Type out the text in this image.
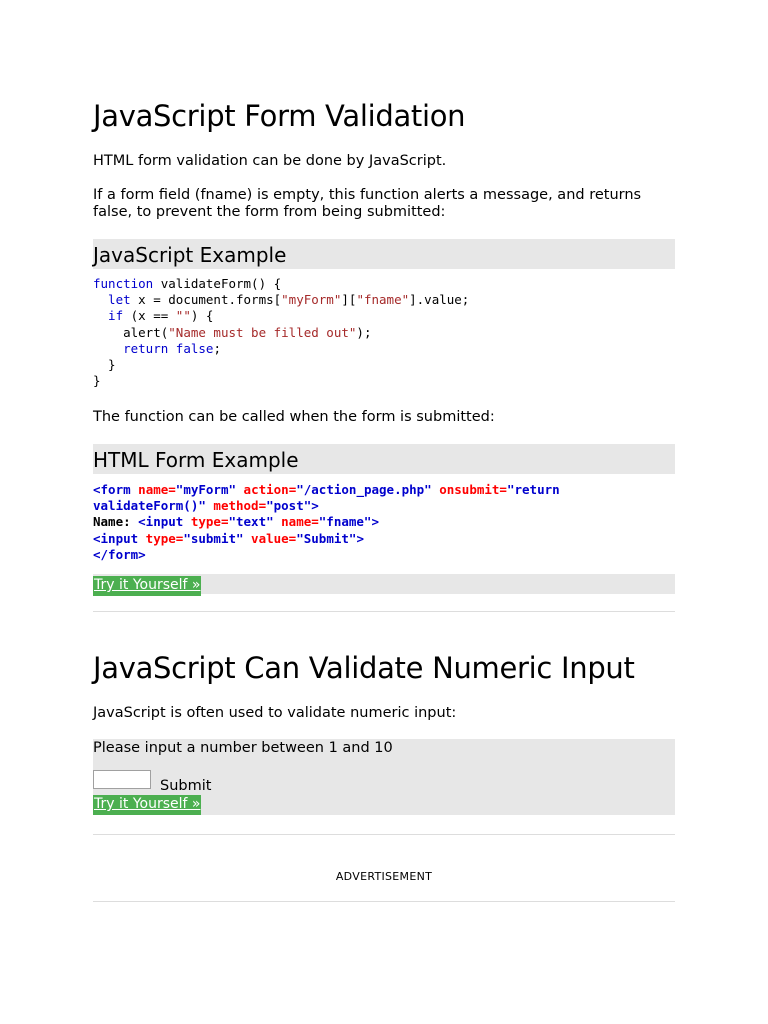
JavaScript Form Validation

HTML form validation can be done by JavaScript.

If a form field (fname) is empty, this function alerts a message, and returns false, to prevent the form from being submitted:

JavaScript Example
function validateForm() {
let x = document.forms["myForm"]["fname"].value;
if (x == "") {
alert("Name must be filled out");
return false;
}
}

The function can be called when the form is submitted:

HTML Form Example
<form name="myForm" action="/action_page.php" onsubmit="return
validateForm()" method="post">
Name: <input type="text" name="fname">
<input type="submit" value="Submit">
</form>
Try it Yourself »
JavaScript Can Validate Numeric Input

JavaScript is often used to validate numeric input:

Please input a number between 1 and 10
Submit
Try it Yourself »
ADVERTISEMENT
